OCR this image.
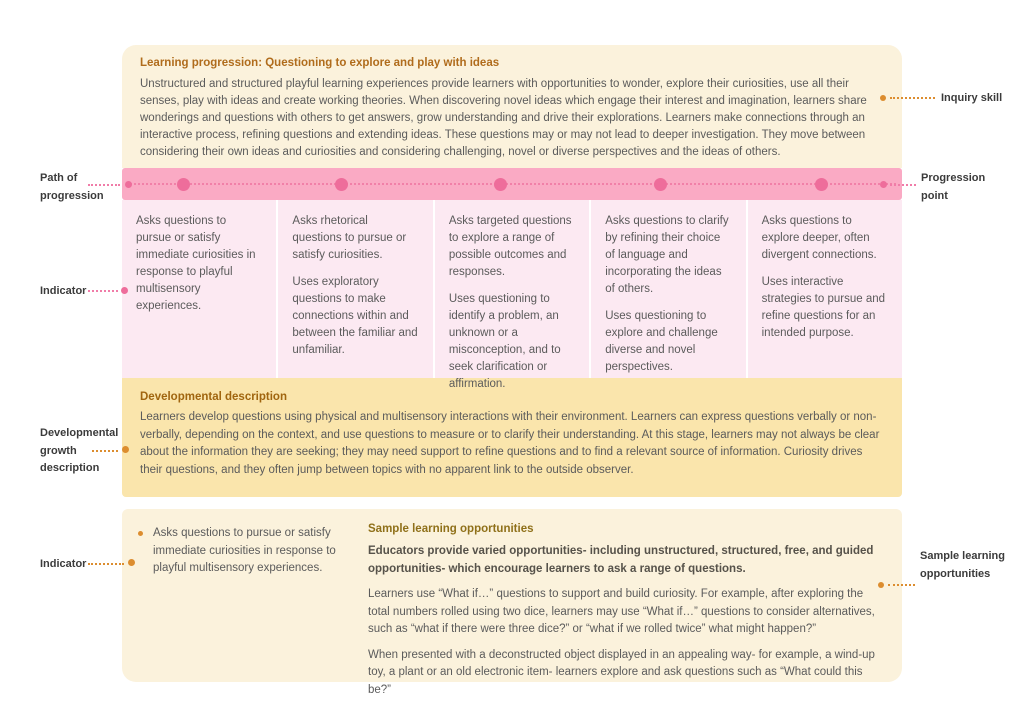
Learning progression: Questioning to explore and play with ideas
Unstructured and structured playful learning experiences provide learners with opportunities to wonder, explore their curiosities, use all their senses, play with ideas and create working theories. When discovering novel ideas which engage their interest and imagination, learners share wonderings and questions with others to get answers, grow understanding and drive their explorations. Learners make connections through an interactive process, refining questions and extending ideas. These questions may or may not lead to deeper investigation. They move between considering their own ideas and curiosities and considering challenging, novel or diverse perspectives and the ideas of others.

Asks questions to pursue or satisfy immediate curiosities in response to playful multisensory experiences.

Asks rhetorical questions to pursue or satisfy curiosities.

Uses exploratory questions to make connections within and between the familiar and unfamiliar.

Asks targeted questions to explore a range of possible outcomes and responses.

Uses questioning to identify a problem, an unknown or a misconception, and to seek clarification or affirmation.

Asks questions to clarify by refining their choice of language and incorporating the ideas of others.

Uses questioning to explore and challenge diverse and novel perspectives.

Asks questions to explore deeper, often divergent connections.

Uses interactive strategies to pursue and refine questions for an intended purpose.

Developmental description
Learners develop questions using physical and multisensory interactions with their environment. Learners can express questions verbally or non-verbally, depending on the context, and use questions to measure or to clarify their understanding. At this stage, learners may not always be clear about the information they are seeking; they may need support to refine questions and to find a relevant source of information. Curiosity drives their questions, and they often jump between topics with no apparent link to the outside observer.

Asks questions to pursue or satisfy immediate curiosities in response to playful multisensory experiences.

Sample learning opportunities

Educators provide varied opportunities- including unstructured, structured, free, and guided opportunities- which encourage learners to ask a range of questions.

Learners use “What if…” questions to support and build curiosity. For example, after exploring the total numbers rolled using two dice, learners may use “What if…” questions to consider alternatives, such as “what if there were three dice?” or “what if we rolled twice” what might happen?”

When presented with a deconstructed object displayed in an appealing way- for example, a wind-up toy, a plant or an old electronic item- learners explore and ask questions such as “What could this be?”

Inquiry skill
Path of progression
Progression point
Indicator
Developmental growth description
Indicator
Sample learning opportunities
